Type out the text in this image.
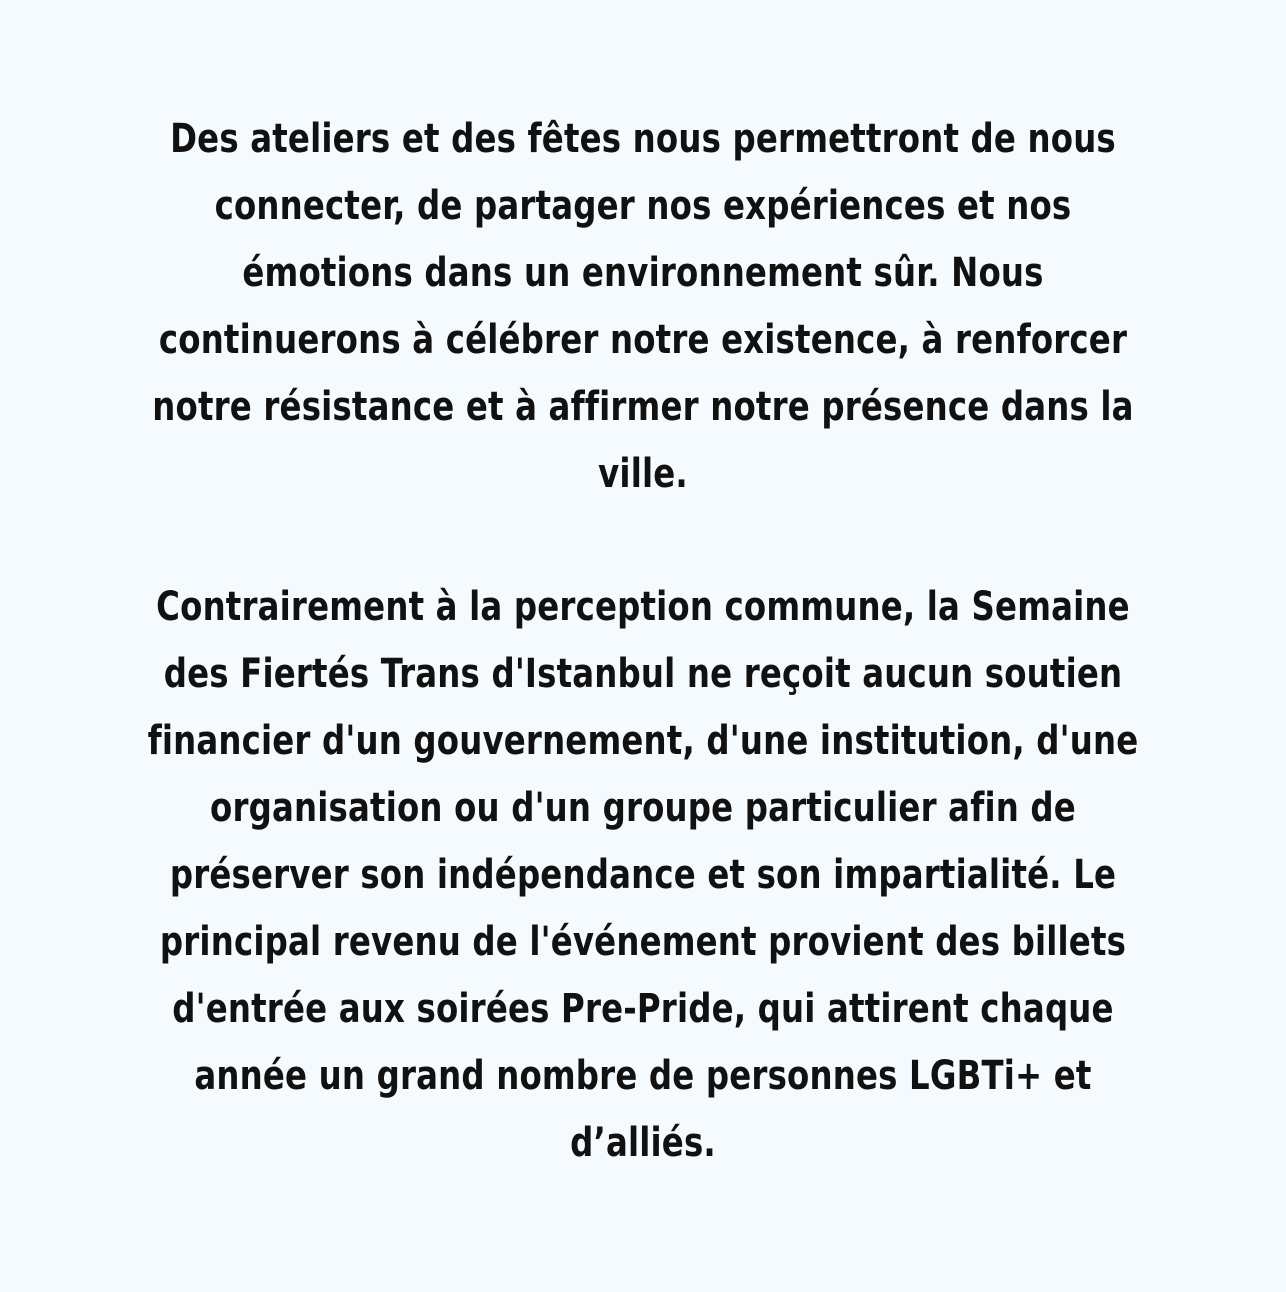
Des ateliers et des fêtes nous permettront de nous
connecter, de partager nos expériences et nos
émotions dans un environnement sûr. Nous
continuerons à célébrer notre existence, à renforcer
notre résistance et à affirmer notre présence dans la
ville.
Contrairement à la perception commune, la Semaine
des Fiertés Trans d'Istanbul ne reçoit aucun soutien
financier d'un gouvernement, d'une institution, d'une
organisation ou d'un groupe particulier afin de
préserver son indépendance et son impartialité. Le
principal revenu de l'événement provient des billets
d'entrée aux soirées Pre-Pride, qui attirent chaque
année un grand nombre de personnes LGBTi+ et
d’alliés.
